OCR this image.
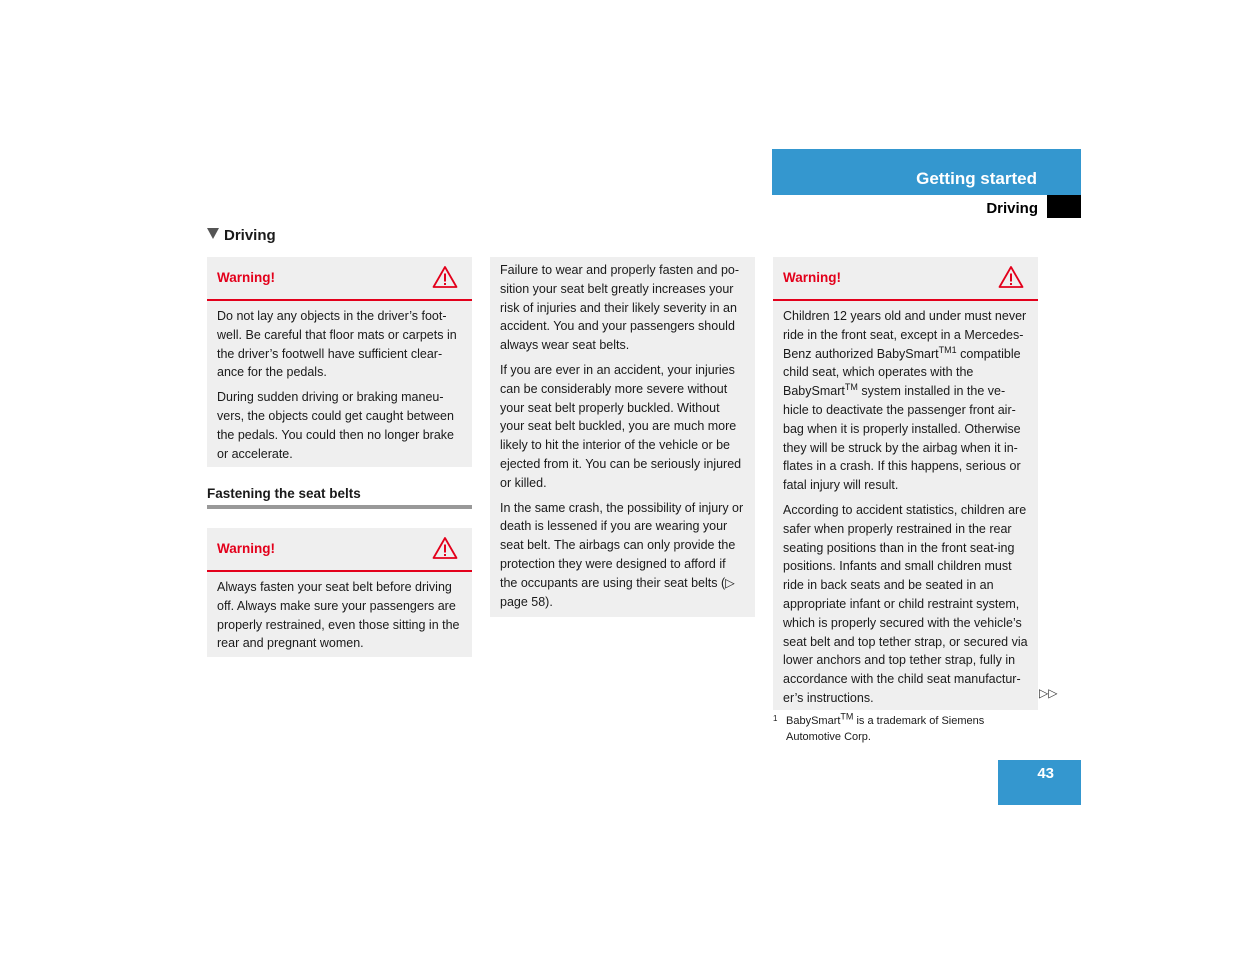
Getting started
Driving
Driving
Warning!

Do not lay any objects in the driver’s foot-well. Be careful that floor mats or carpets in the driver’s footwell have sufficient clear-ance for the pedals.

During sudden driving or braking maneu-vers, the objects could get caught between the pedals. You could then no longer brake or accelerate.

Fastening the seat belts
Warning!

Always fasten your seat belt before driving off. Always make sure your passengers are properly restrained, even those sitting in the rear and pregnant women.

Failure to wear and properly fasten and po-sition your seat belt greatly increases your risk of injuries and their likely severity in an accident. You and your passengers should always wear seat belts.

If you are ever in an accident, your injuries can be considerably more severe without your seat belt properly buckled. Without your seat belt buckled, you are much more likely to hit the interior of the vehicle or be ejected from it. You can be seriously injured or killed.

In the same crash, the possibility of injury or death is lessened if you are wearing your seat belt. The airbags can only provide the protection they were designed to afford if the occupants are using their seat belts (▷ page 58).

Warning!

Children 12 years old and under must never ride in the front seat, except in a Mercedes-Benz authorized BabySmart$^{TM1}$ compatible child seat, which operates with the BabySmart™ system installed in the ve-hicle to deactivate the passenger front air-bag when it is properly installed. Otherwise they will be struck by the airbag when it in-flates in a crash. If this happens, serious or fatal injury will result.

According to accident statistics, children are safer when properly restrained in the rear seating positions than in the front seat-ing positions. Infants and small children must ride in back seats and be seated in an appropriate infant or child restraint system, which is properly secured with the vehicle’s seat belt and top tether strap, or secured via lower anchors and top tether strap, fully in accordance with the child seat manufactur-er’s instructions.	▷▷
1 BabySmart™ is a trademark of Siemens Automotive Corp.
43
